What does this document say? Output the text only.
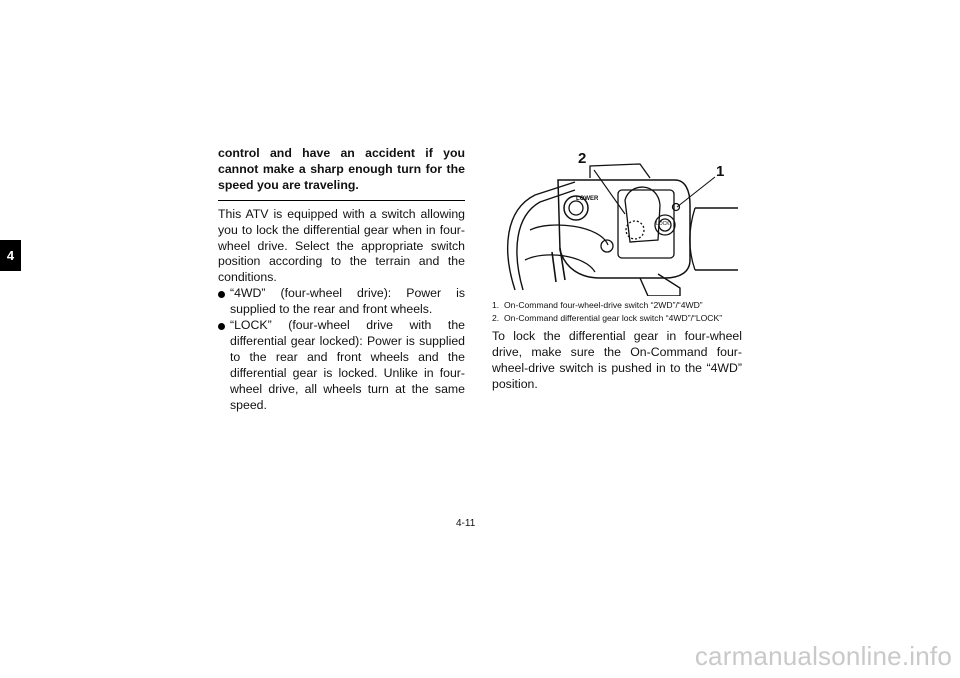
4

control and have an accident if you cannot make a sharp enough turn for the speed you are traveling.

This ATV is equipped with a switch allowing you to lock the differential gear when in four-wheel drive. Select the appropriate switch position according to the terrain and the conditions.

“4WD” (four-wheel drive): Power is supplied to the rear and front wheels.
“LOCK” (four-wheel drive with the differential gear locked): Power is supplied to the rear and front wheels and the differential gear is locked. Unlike in four-wheel drive, all wheels turn at the same speed.
2
1
LOWER
LOCK
1. On-Command four-wheel-drive switch “2WD”/“4WD”
2. On-Command differential gear lock switch “4WD”/“LOCK”

To lock the differential gear in four-wheel drive, make sure the On-Command four-wheel-drive switch is pushed in to the “4WD” position.

4-11
carmanualsonline.info
